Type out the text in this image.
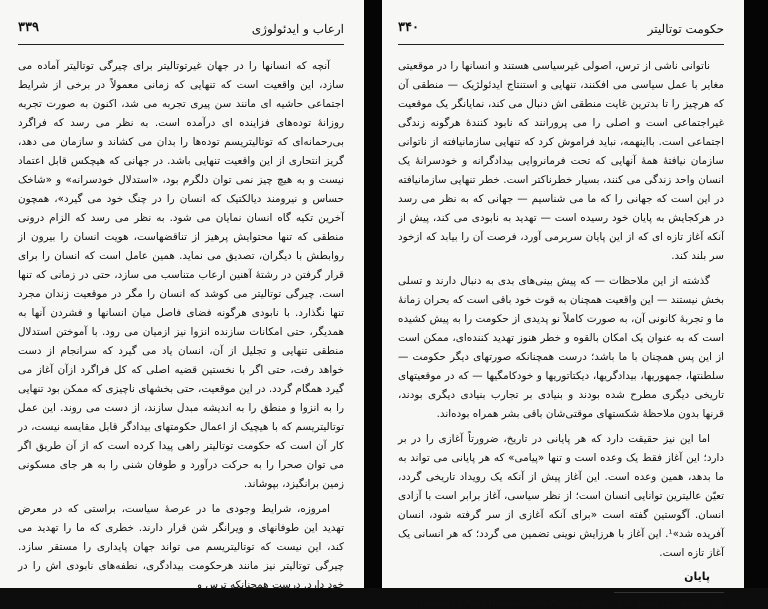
ارعاب و ایدئولوژی
۳۳۹

آنچه که انسانها را در جهان غیرتوتالیتر برای چیرگی توتالیتر آماده می سازد، این واقعیت است که تنهایی که زمانی معمولاً در برخی از شرایط اجتماعی حاشیه ای مانند سن پیری تجربه می شد، اکنون به صورت تجربه روزانهٔ توده‌های فزاینده ای درآمده است. به نظر می رسد که فراگرد بی‌رحمانه‌ای که توتالیتریسم توده‌ها را بدان می کشاند و سازمان می دهد، گریز انتحاری از این واقعیت تنهایی باشد. در جهانی که هیچکس قابل اعتماد نیست و به هیچ چیز نمی توان دلگرم بود، «استدلال خودسرانه» و «شاخک حساس و نیرومند دیالکتیک که انسان را در چنگ خود می گیرد»، همچون آخرین تکیه گاه انسان نمایان می شود. به نظر می رسد که الزام درونی منطقی که تنها محتوایش پرهیز از تناقضهاست، هویت انسان را بیرون از روابطش با دیگران، تصدیق می نماید. همین عامل است که انسان را برای قرار گرفتن در رشتهٔ آهنین ارعاب متناسب می سازد، حتی در زمانی که تنها است. چیرگی توتالیتر می کوشد که انسان را مگر در موقعیت زندان مجرد تنها نگذارد. با نابودی هرگونه فضای فاصل میان انسانها و فشردن آنها به همدیگر، حتی امکانات سازنده انزوا نیز ازمیان می رود. با آموختن استدلال منطقی تنهایی و تجلیل از آن، انسان یاد می گیرد که سرانجام از دست خواهد رفت، حتی اگر با نخستین قضیه اصلی که کل فراگرد ازآن آغاز می گیرد همگام گردد. در این موقعیت، حتی بخشهای ناچیزی که ممکن بود تنهایی را به انزوا و منطق را به اندیشه مبدل سازند، از دست می روند. این عمل توتالیتریسم که با هیچیک از اعمال حکومتهای بیدادگر قابل مقایسه نیست، در کار آن است که حکومت توتالیتر راهی پیدا کرده است که از آن طریق اگر می توان صحرا را به حرکت درآورد و طوفان شنی را به هر جای مسکونی زمین برانگیزد، بپوشاند.

امروزه، شرایط وجودی ما در عرصهٔ سیاست، براستی که در معرض تهدید این طوفانهای و ویرانگر شن قرار دارند. خطری که ما را تهدید می کند، این نیست که توتالیتریسم می تواند جهان پایداری را مستقر سازد. چیرگی توتالیتر نیز مانند هرحکومت بیدادگری، نطفه‌های نابودی اش را در خود دارد. درست همچنانکه ترس و

حکومت توتالیتر
۳۴۰

ناتوانی ناشی از ترس، اصولی غیرسیاسی هستند و انسانها را در موقعیتی مغایر با عمل سیاسی می افکنند، تنهایی و استنتاج ایدئولژیک — منطقی آن که هرچیز را تا بدترین غایت منطقی اش دنبال می کند، نمایانگر یک موقعیت غیراجتماعی است و اصلی را می پرورانند که نابود کنندهٔ هرگونه زندگی اجتماعی است. بااینهمه، نباید فراموش کرد که تنهایی سازمانیافته از ناتوانی سازمان نیافتهٔ همهٔ آنهایی که تحت فرمانروایی بیدادگرانه و خودسرانهٔ یک انسان واحد زندگی می کنند، بسیار خطرناکتر است. خطر تنهایی سازمانیافته در این است که جهانی را که ما می شناسیم — جهانی که به نظر می رسد در هرکجایش به پایان خود رسیده است — تهدید به نابودی می کند، پیش از آنکه آغاز تازه ای که از این پایان سربرمی آورد، فرصت آن را بیابد که ازخود سر بلند کند.

گذشته از این ملاحظات — که پیش بینی‌های بدی به دنبال دارند و تسلی بخش نیستند — این واقعیت همچنان به قوت خود باقی است که بحران زمانهٔ ما و تجربهٔ کانونی آن، به صورت کاملاً نو پدیدی از حکومت را به پیش کشیده است که به عنوان یک امکان بالقوه و خطر هنوز تهدید کننده‌ای، ممکن است از این پس همچنان با ما باشد؛ درست همچنانکه صورتهای دیگر حکومت — سلطنتها، جمهوریها، بیدادگریها، دیکتاتوریها و خودکامگیها — که در موقعیتهای تاریخی دیگری مطرح شده بودند و بنیادی بر تجارب بنیادی دیگری بودند، قرنها بدون ملاحظهٔ شکستهای موقتی‌شان باقی بشر همراه بوده‌اند.

اما این نیز حقیقت دارد که هر پایانی در تاریخ، ضرورتاً آغازی را در بر دارد؛ این آغاز فقط یک وعده است و تنها «پیامی» که هر پایانی می تواند به ما بدهد، همین وعده است. این آغاز پیش از آنکه یک رویداد تاریخی گردد، تعیّن عالیترین توانایی انسان است؛ از نظر سیاسی، آغاز برابر است با آزادی انسان. آگوستین گفته است «برای آنکه آغازی از سر گرفته شود، انسان آفریده شد»¹. این آغاز با هرزایش نوینی تضمین می گردد؛ که هر انسانی یک آغاز تازه است.

پایان
1- Initium Ut Esset Homo Creatus Est, De Civitate, Die, Book 12, Chapter 20.
